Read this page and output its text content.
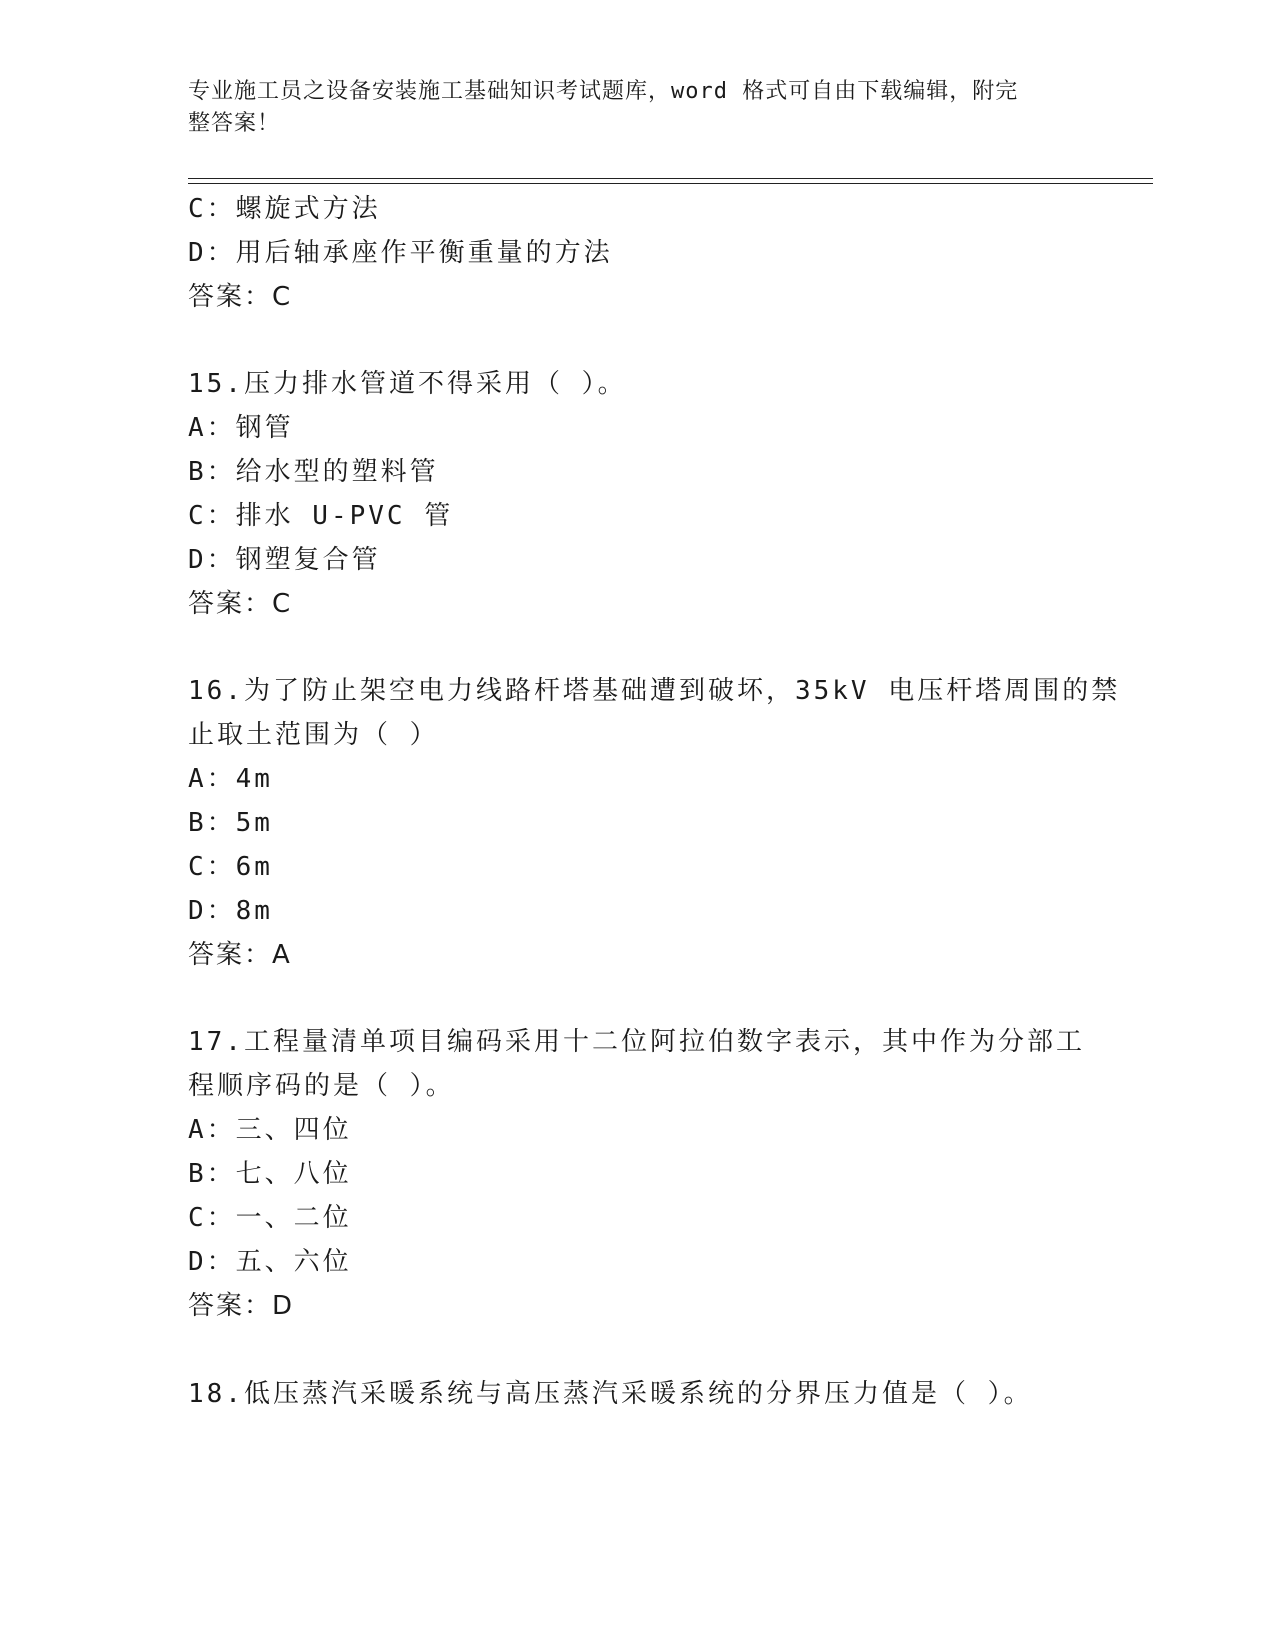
专业施工员之设备安装施工基础知识考试题库，word 格式可自由下载编辑，附完
整答案！
C：螺旋式方法
D：用后轴承座作平衡重量的方法
答案：C
15.压力排水管道不得采用（ ）。
A：钢管
B：给水型的塑料管
C：排水 U-PVC 管
D：钢塑复合管
答案：C
16.为了防止架空电力线路杆塔基础遭到破坏，35kV 电压杆塔周围的禁
止取土范围为（ ）
A：4m
B：5m
C：6m
D：8m
答案：A
17.工程量清单项目编码采用十二位阿拉伯数字表示，其中作为分部工
程顺序码的是（ ）。
A：三、四位
B：七、八位
C：一、二位
D：五、六位
答案：D
18.低压蒸汽采暖系统与高压蒸汽采暖系统的分界压力值是（ ）。
